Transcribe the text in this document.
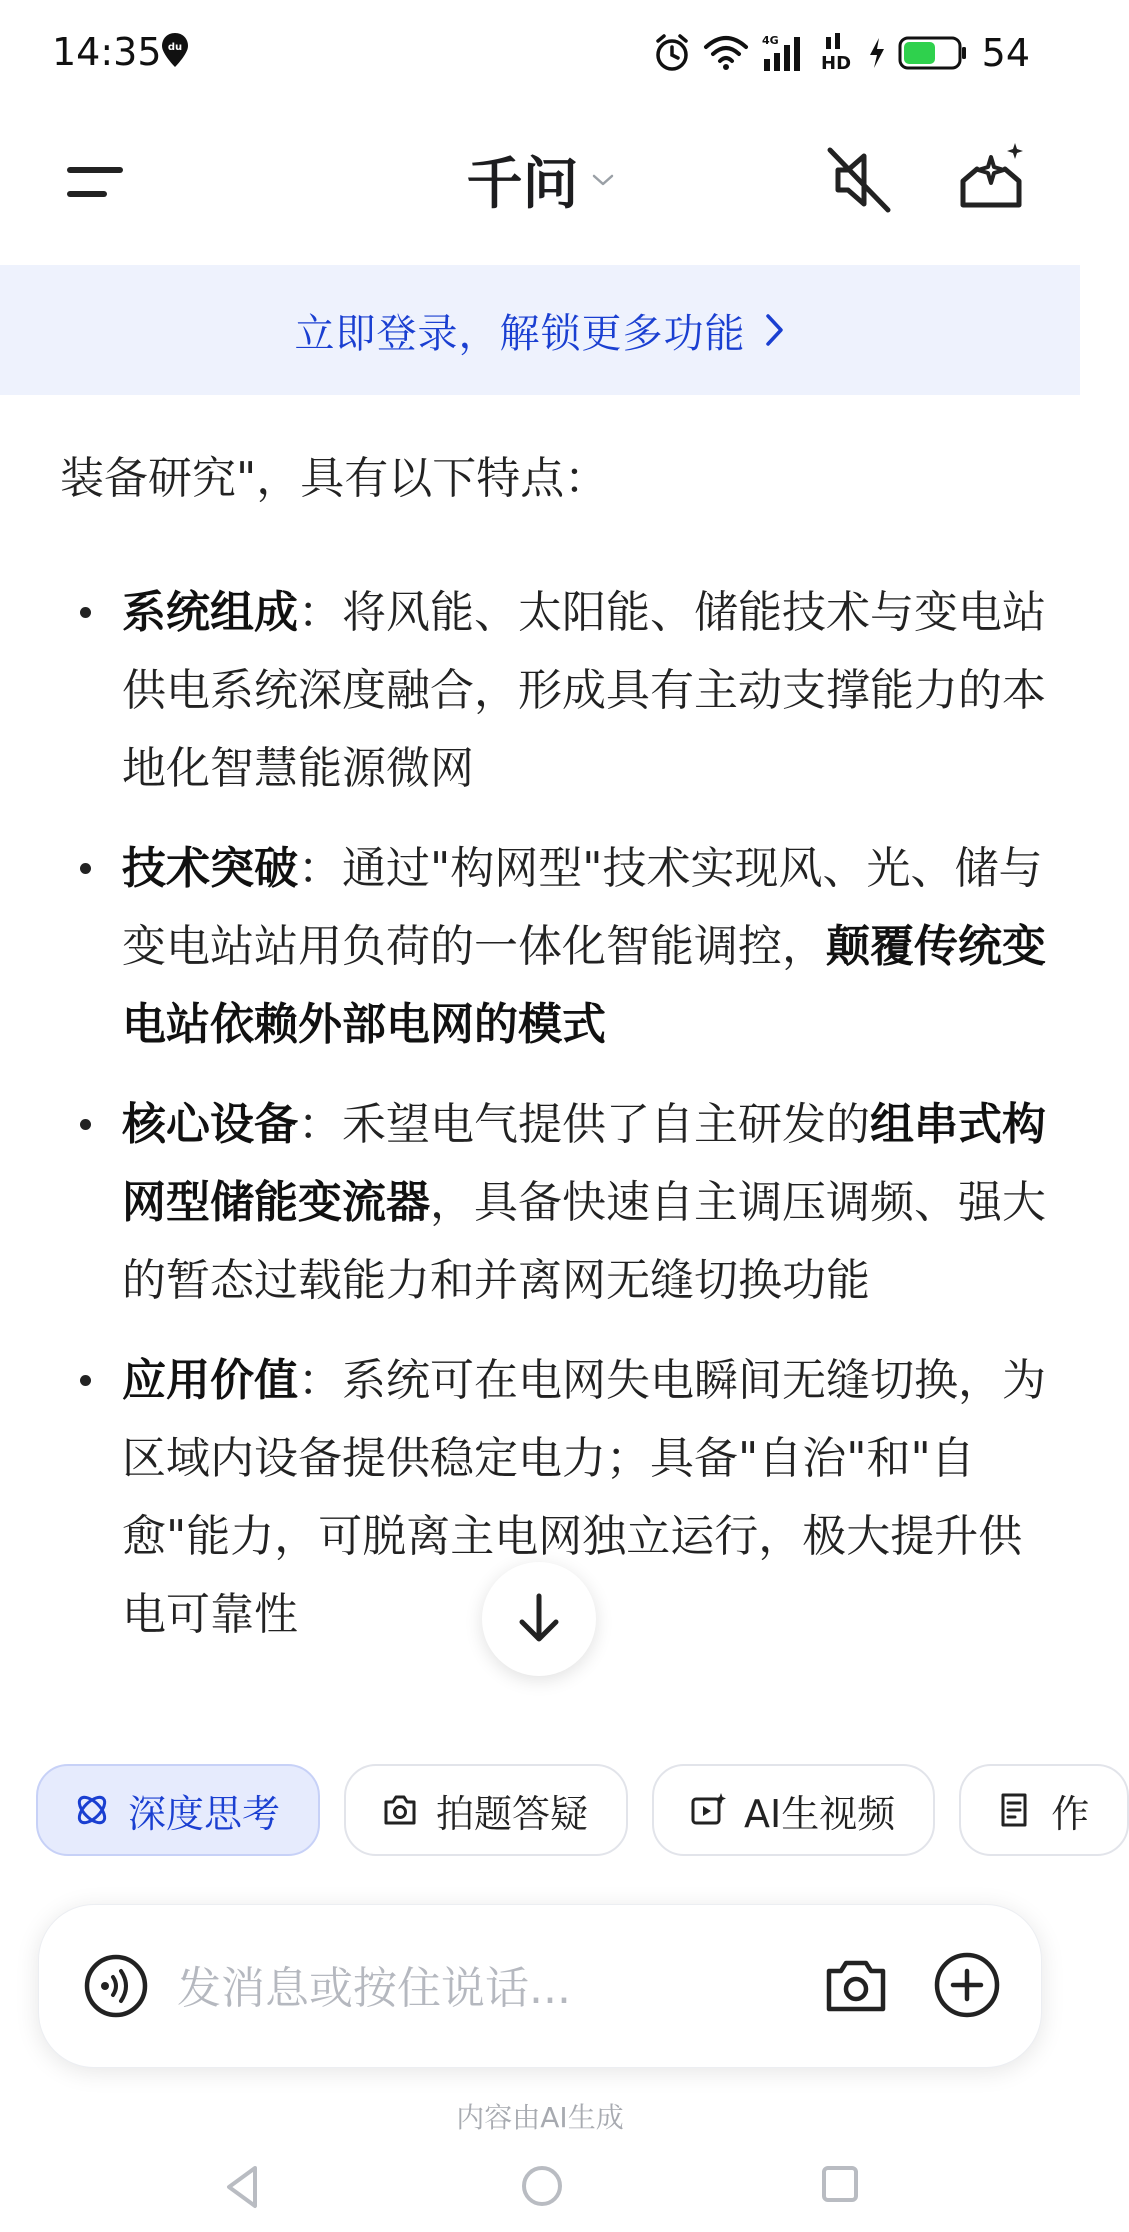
14:35 du
4G
HD	54
千问
立即登录，解锁更多功能

装备研究"，具有以下特点：

系统组成：将风能、太阳能、储能技术与变电站供电系统深度融合，形成具有主动支撑能力的本地化智慧能源微网
技术突破：通过"构网型"技术实现风、光、储与变电站站用负荷的一体化智能调控，颠覆传统变电站依赖外部电网的模式
核心设备：禾望电气提供了自主研发的组串式构网型储能变流器，具备快速自主调压调频、强大的暂态过载能力和并离网无缝切换功能
应用价值：系统可在电网失电瞬间无缝切换，为区域内设备提供稳定电力；具备"自治"和"自愈"能力，可脱离主电网独立运行，极大提升供电可靠性
深度思考	拍题答疑	AI生视频	作
发消息或按住说话...
内容由AI生成
